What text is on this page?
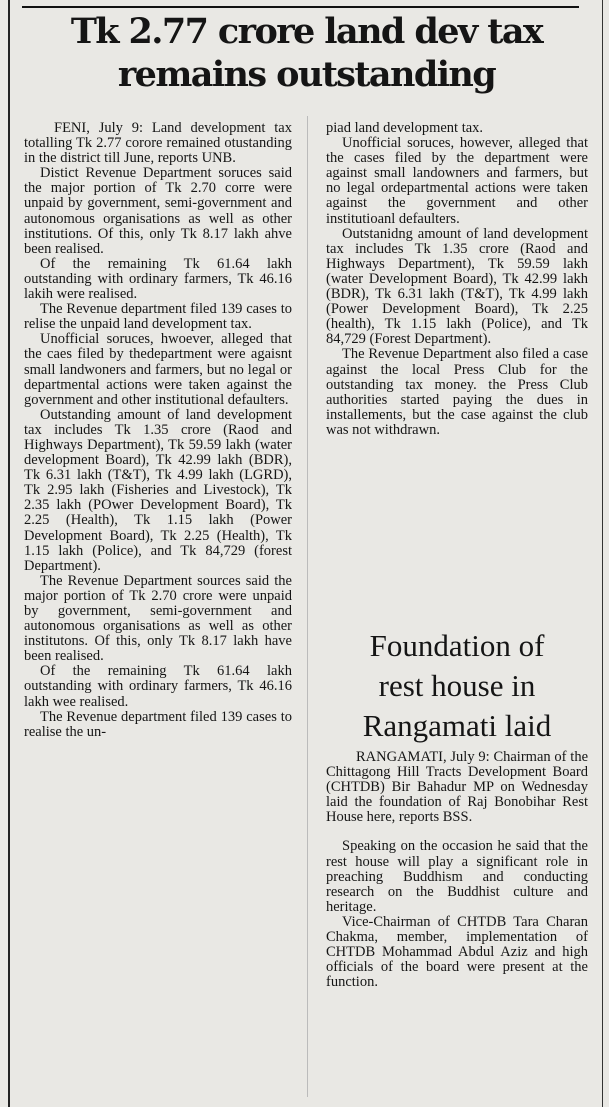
Tk 2.77 crore land dev tax
remains outstanding

FENI, July 9: Land development tax totalling Tk 2.77 corore remained otustanding in the district till June, reports UNB.

Distict Revenue Department soruces said the major portion of Tk 2.70 corre were unpaid by government, semi-government and autonomous organisations as well as other institutions. Of this, only Tk 8.17 lakh ahve been realised.

Of the remaining Tk 61.64 lakh outstanding with ordinary farmers, Tk 46.16 lakih were realised.

The Revenue department filed 139 cases to relise the unpaid land development tax.

Unofficial soruces, hwoever, alleged that the caes filed by thedepartment were agaisnt small landwoners and farmers, but no legal or departmental actions were taken against the government and other institutional defaulters.

Outstanding amount of land development tax includes Tk 1.35 crore (Raod and Highways Department), Tk 59.59 lakh (water development Board), Tk 42.99 lakh (BDR), Tk 6.31 lakh (T&T), Tk 4.99 lakh (LGRD), Tk 2.95 lakh (Fisheries and Livestock), Tk 2.35 lakh (POwer Development Board), Tk 2.25 (Health), Tk 1.15 lakh (Power Development Board), Tk 2.25 (Health), Tk 1.15 lakh (Police), and Tk 84,729 (forest Department).

The Revenue Department sources said the major portion of Tk 2.70 crore were unpaid by government, semi-government and autonomous organisations as well as other institutons. Of this, only Tk 8.17 lakh have been realised.

Of the remaining Tk 61.64 lakh outstanding with ordinary farmers, Tk 46.16 lakh wee realised.

The Revenue department filed 139 cases to realise the un-

piad land development tax.

Unofficial soruces, however, alleged that the cases filed by the department were against small landowners and farmers, but no legal ordepartmental actions were taken against the government and other institutioanl defaulters.

Outstanidng amount of land development tax includes Tk 1.35 crore (Raod and Highways Department), Tk 59.59 lakh (water Development Board), Tk 42.99 lakh (BDR), Tk 6.31 lakh (T&T), Tk 4.99 lakh (Power Development Board), Tk 2.25 (health), Tk 1.15 lakh (Police), and Tk 84,729 (Forest Department).

The Revenue Department also filed a case against the local Press Club for the outstanding tax money. the Press Club authorities started paying the dues in installements, but the case against the club was not withdrawn.

Foundation of
rest house in
Rangamati laid

RANGAMATI, July 9: Chairman of the Chittagong Hill Tracts Development Board (CHTDB) Bir Bahadur MP on Wednesday laid the foundation of Raj Bonobihar Rest House here, reports BSS.

Speaking on the occasion he said that the rest house will play a significant role in preaching Buddhism and conducting research on the Buddhist culture and heritage.

Vice-Chairman of CHTDB Tara Charan Chakma, member, implementation of CHTDB Mohammad Abdul Aziz and high officials of the board were present at the function.
